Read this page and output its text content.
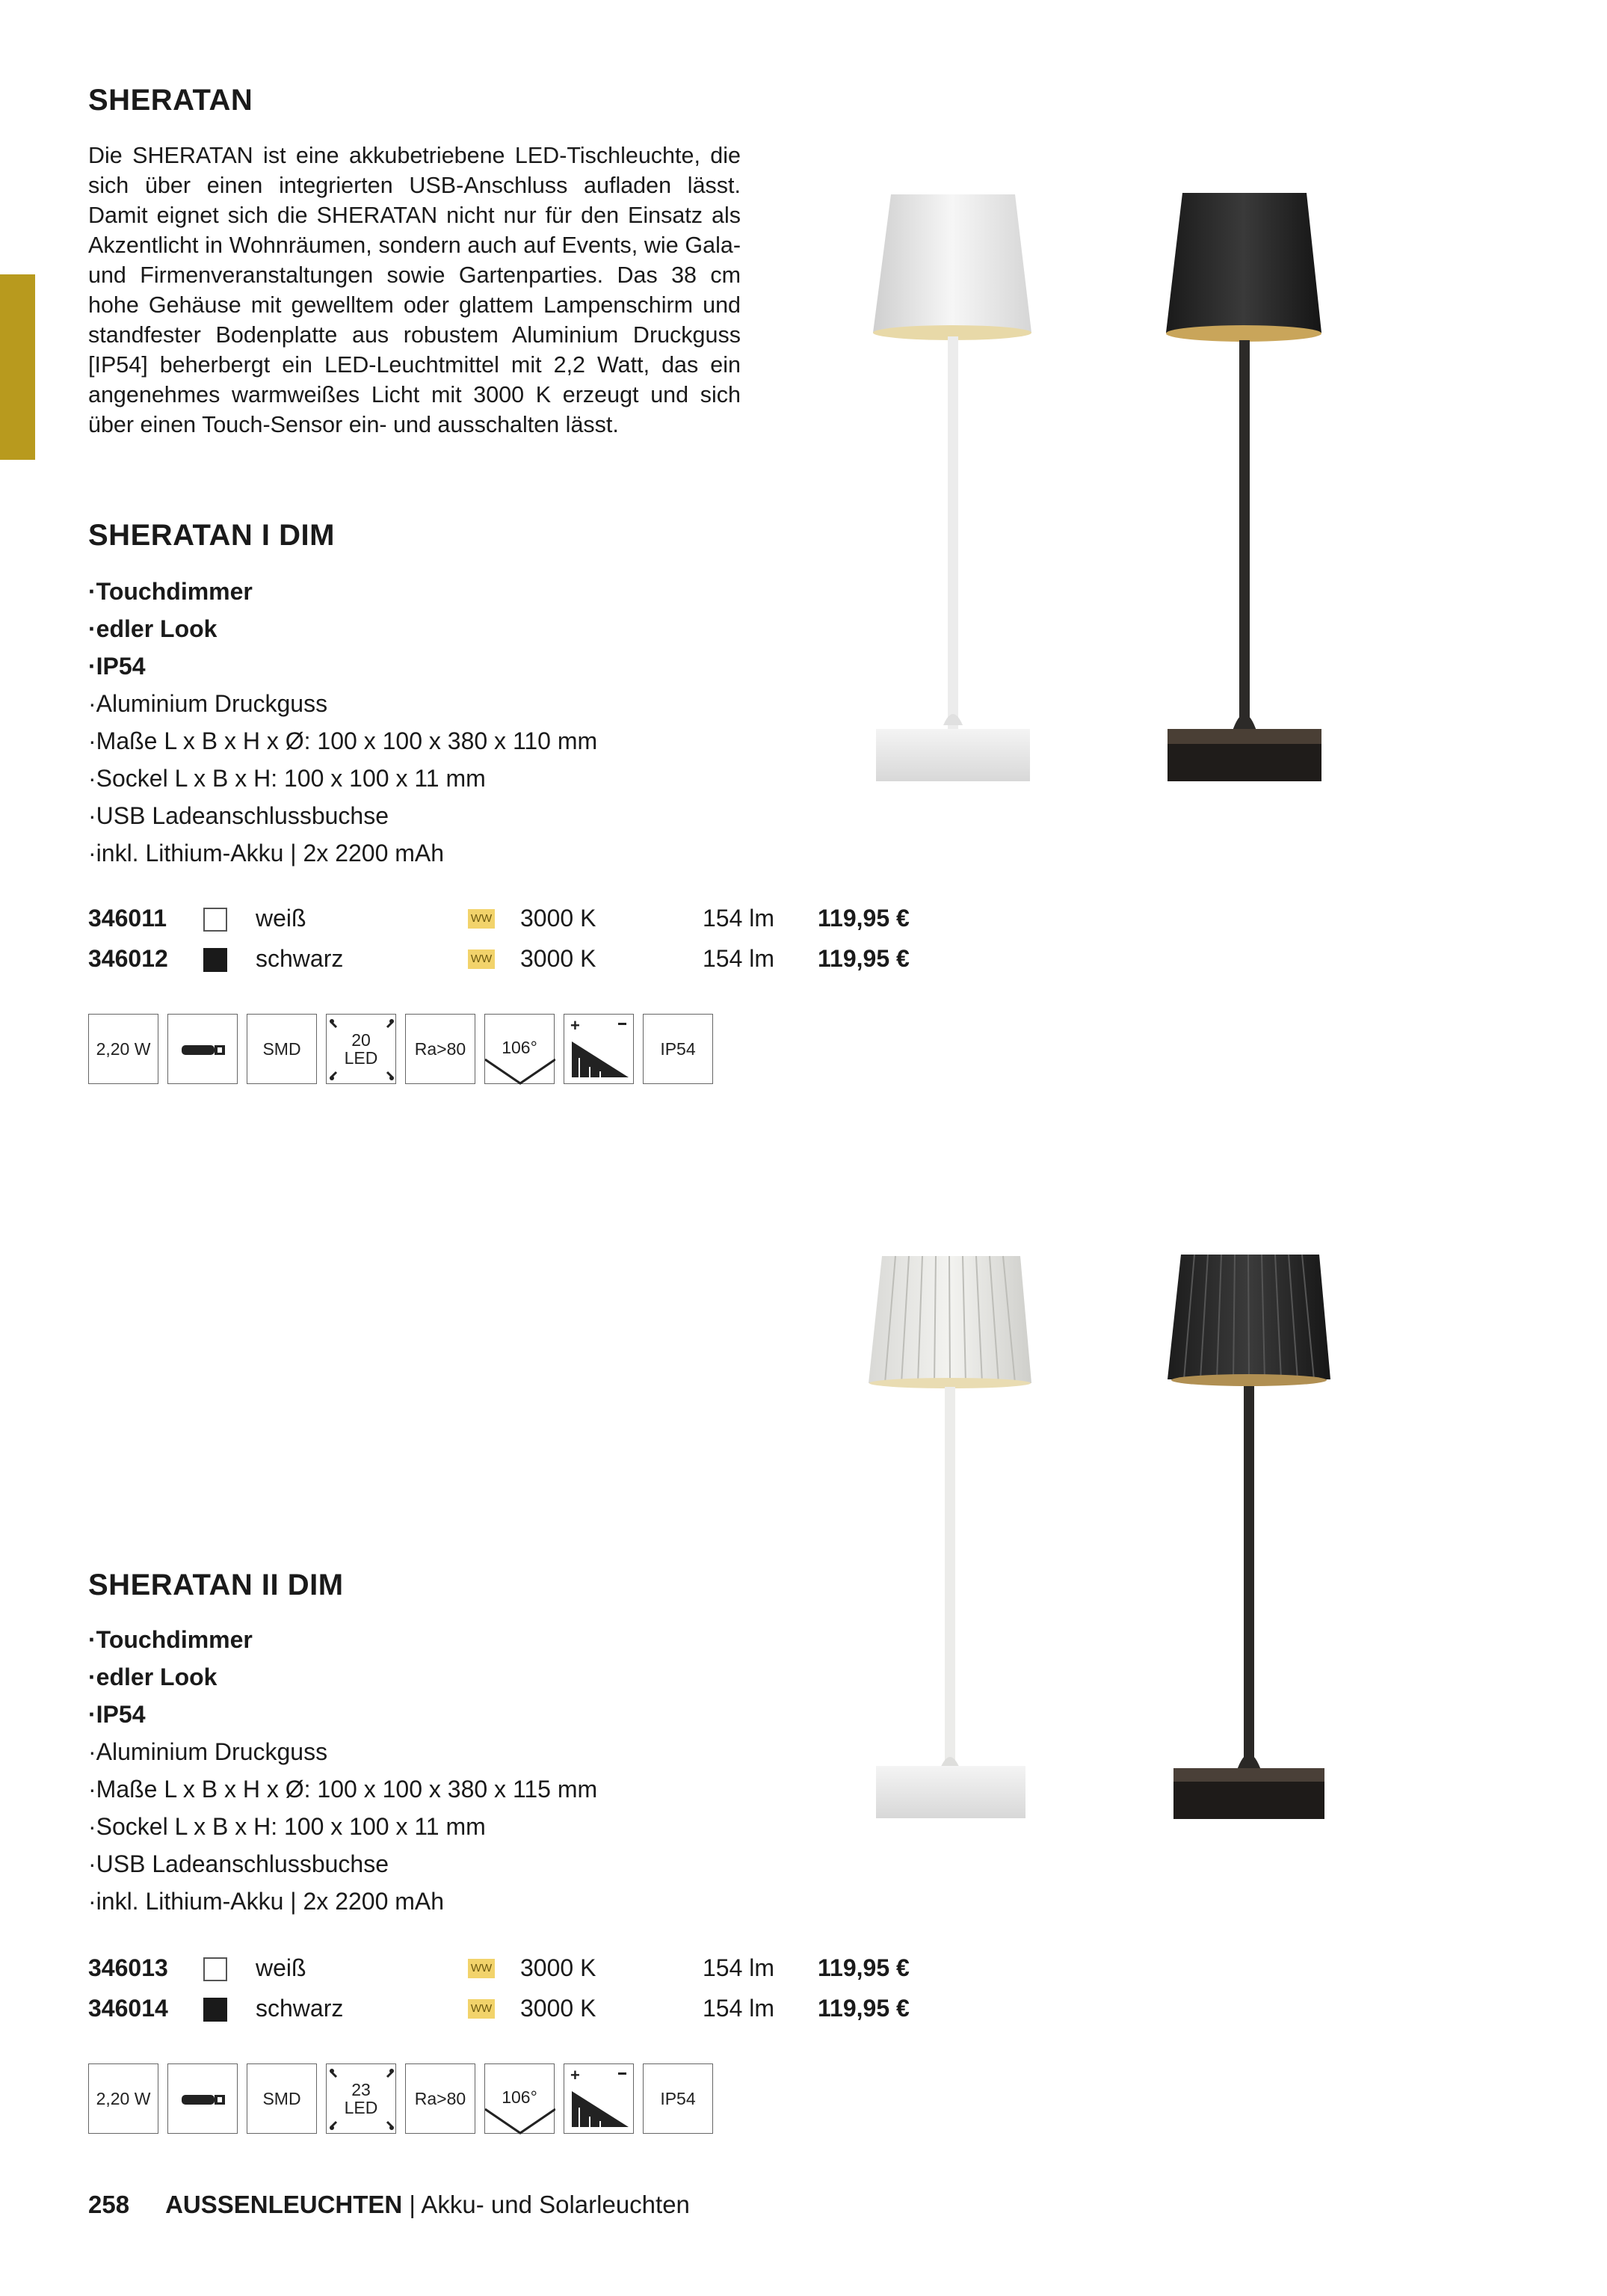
SHERATAN

Die SHERATAN ist eine akkubetriebene LED-Tischleuchte, die sich über einen integrierten USB-Anschluss aufladen lässt. Damit eignet sich die SHERATAN nicht nur für den Einsatz als Akzentlicht in Wohnräumen, sondern auch auf Events, wie Gala- und Firmenveranstaltungen sowie Gartenparties. Das 38 cm hohe Gehäuse mit gewelltem oder glattem Lampenschirm und standfester Bodenplatte aus robustem Aluminium Druckguss [IP54] beherbergt ein LED-Leuchtmittel mit 2,2 Watt, das ein angenehmes warmweißes Licht mit 3000 K erzeugt und sich über einen Touch-Sensor ein- und ausschalten lässt.

SHERATAN I DIM
· Touchdimmer
· edler Look
· IP54
· Aluminium Druckguss
· Maße L x B x H x Ø: 100 x 100 x 380 x 110 mm
· Sockel L x B x H: 100 x 100 x 11 mm
· USB Ladeanschlussbuchse
· inkl. Lithium-Akku | 2x 2200 mAh
346011	weiß	WW 3000 K	154 lm 119,95 €
346012	schwarz	WW 3000 K	154 lm 119,95 €
2,20 W	SMD	20
LED Ra>80 106°
+
IP54
SHERATAN II DIM
· Touchdimmer
· edler Look
· IP54
· Aluminium Druckguss
· Maße L x B x H x Ø: 100 x 100 x 380 x 115 mm
· Sockel L x B x H: 100 x 100 x 11 mm
· USB Ladeanschlussbuchse
· inkl. Lithium-Akku | 2x 2200 mAh
346013	weiß	WW 3000 K	154 lm 119,95 €
346014	schwarz	WW 3000 K	154 lm 119,95 €
2,20 W	SMD	23
LED Ra>80 106°
+
IP54
258 AUSSENLEUCHTEN | Akku- und Solarleuchten
